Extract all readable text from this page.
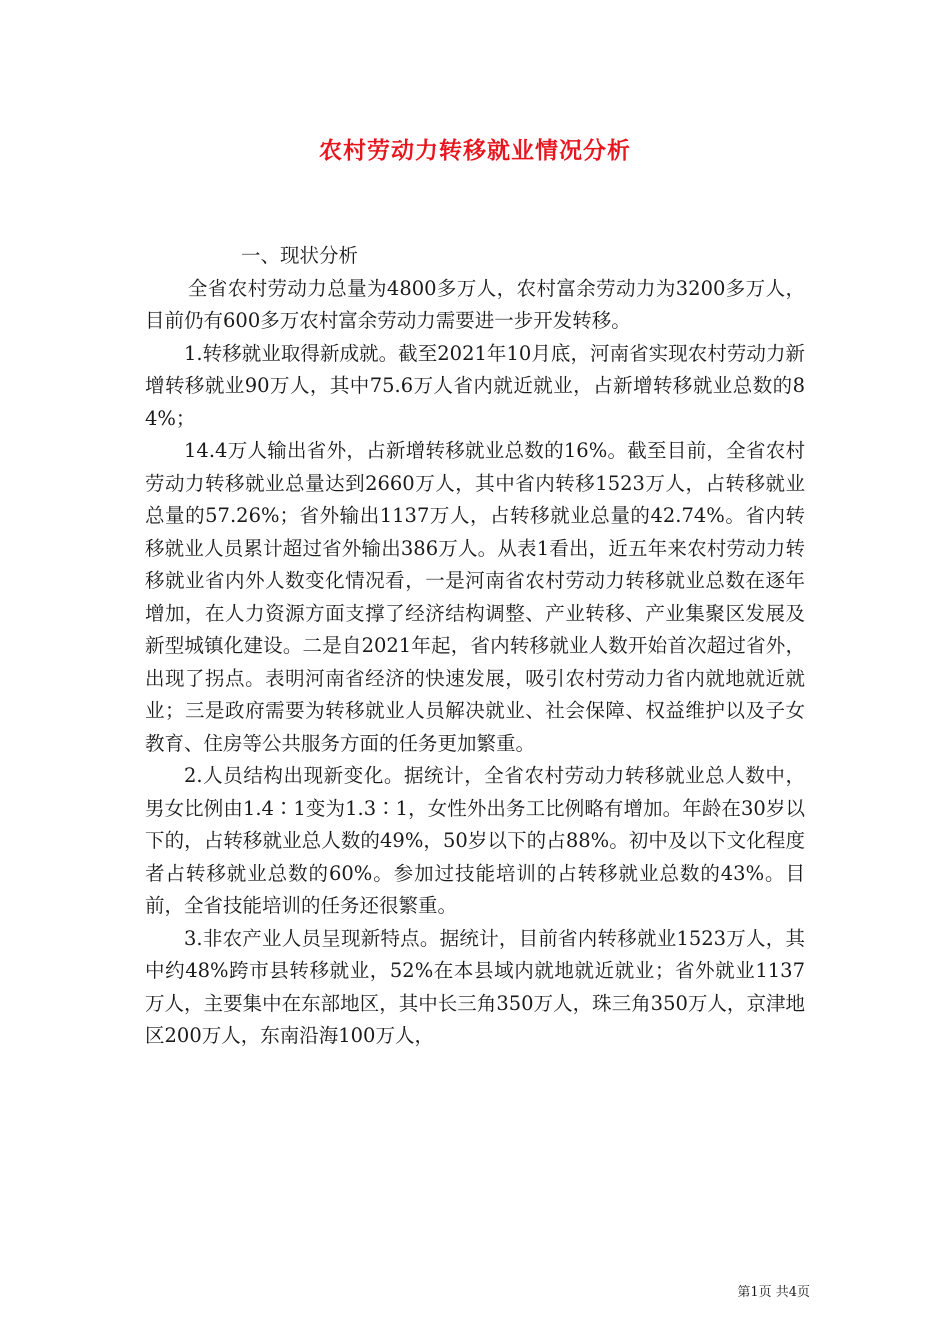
农村劳动力转移就业情况分析
一、现状分析

全省农村劳动力总量为4800多万人，农村富余劳动力为3200多万人，目前仍有600多万农村富余劳动力需要进一步开发转移。

1.转移就业取得新成就。截至2021年10月底，河南省实现农村劳动力新增转移就业90万人，其中75.6万人省内就近就业，占新增转移就业总数的84%；

14.4万人输出省外，占新增转移就业总数的16%。截至目前，全省农村劳动力转移就业总量达到2660万人，其中省内转移1523万人，占转移就业总量的57.26%；省外输出1137万人，占转移就业总量的42.74%。省内转移就业人员累计超过省外输出386万人。从表1看出，近五年来农村劳动力转移就业省内外人数变化情况看，一是河南省农村劳动力转移就业总数在逐年增加，在人力资源方面支撑了经济结构调整、产业转移、产业集聚区发展及新型城镇化建设。二是自2021年起，省内转移就业人数开始首次超过省外，出现了拐点。表明河南省经济的快速发展，吸引农村劳动力省内就地就近就业；三是政府需要为转移就业人员解决就业、社会保障、权益维护以及子女教育、住房等公共服务方面的任务更加繁重。

2.人员结构出现新变化。据统计，全省农村劳动力转移就业总人数中，男女比例由1.4∶1变为1.3∶1，女性外出务工比例略有增加。年龄在30岁以下的，占转移就业总人数的49%，50岁以下的占88%。初中及以下文化程度者占转移就业总数的60%。参加过技能培训的占转移就业总数的43%。目前，全省技能培训的任务还很繁重。

3.非农产业人员呈现新特点。据统计，目前省内转移就业1523万人，其中约48%跨市县转移就业，52%在本县域内就地就近就业；省外就业1137万人，主要集中在东部地区，其中长三角350万人，珠三角350万人，京津地区200万人，东南沿海100万人，

第1页 共4页
